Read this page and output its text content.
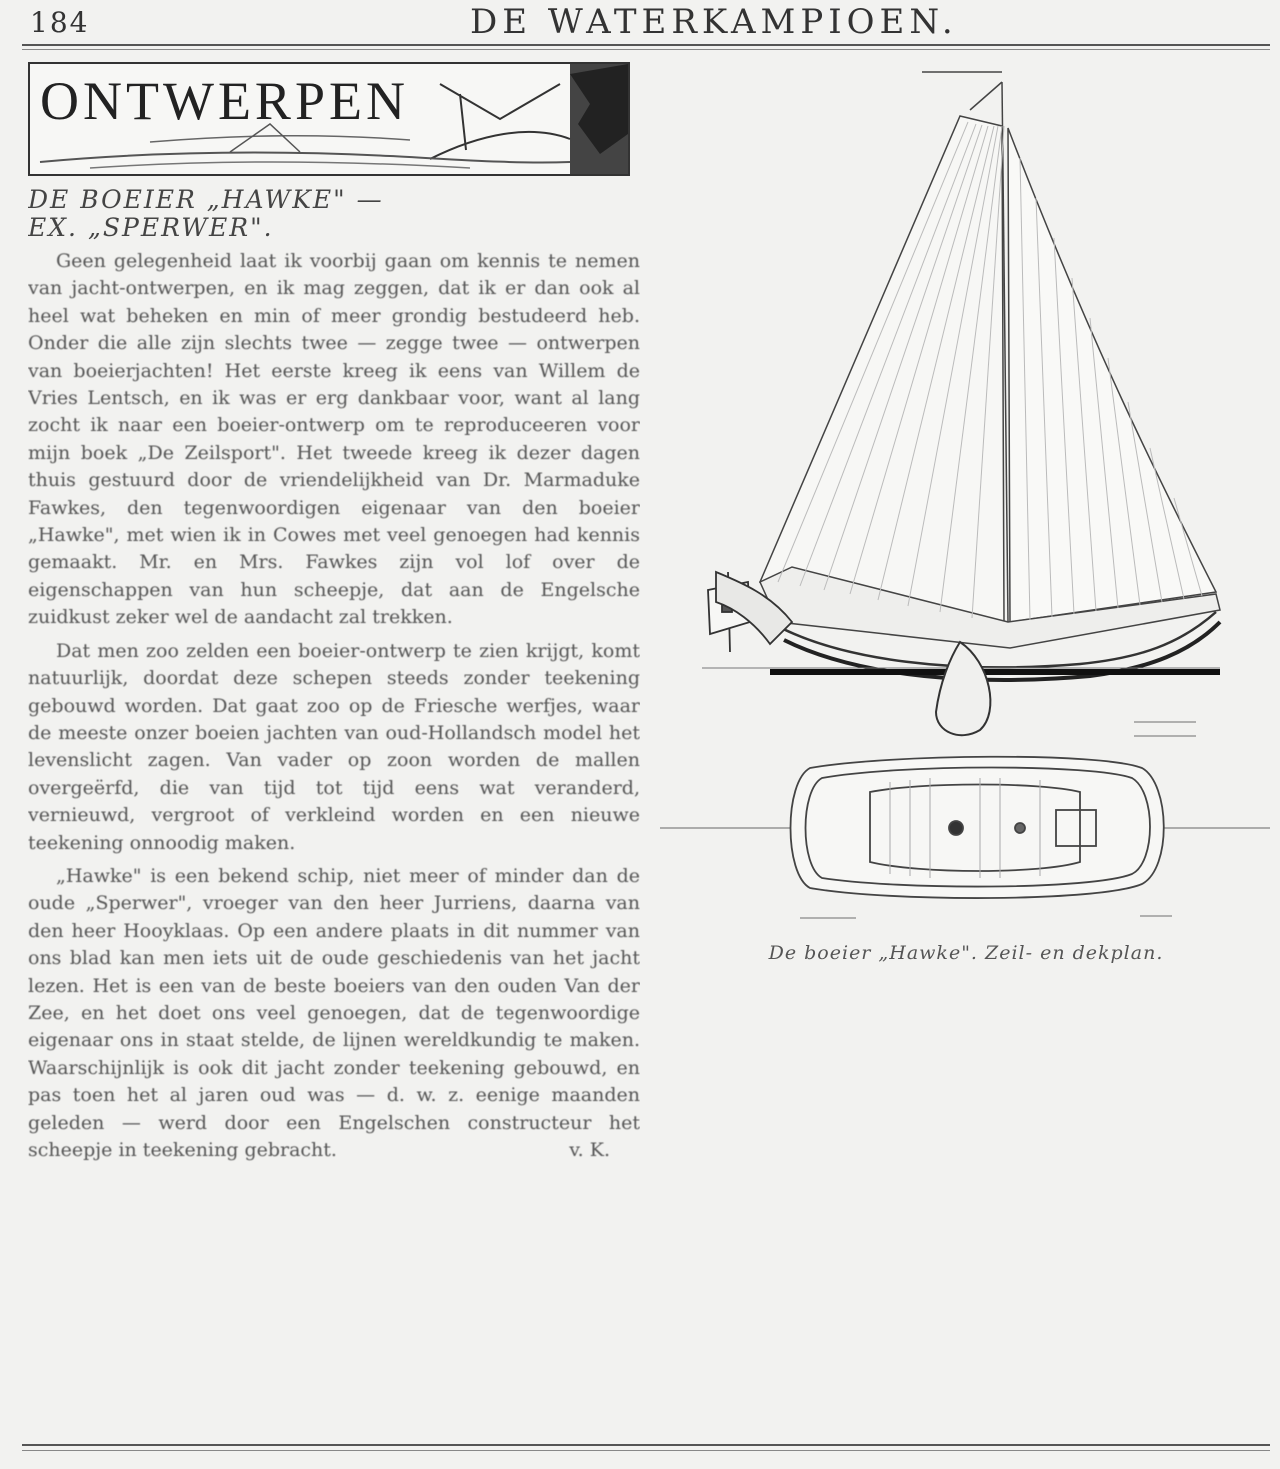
184	DE WATERKAMPIOEN.
ONTWERPEN
DE BOEIER „HAWKE" —
EX. „SPERWER".

Geen gelegenheid laat ik voorbij gaan om kennis te nemen van jacht-ontwerpen, en ik mag zeggen, dat ik er dan ook al heel wat beheken en min of meer grondig bestudeerd heb. Onder die alle zijn slechts twee — zegge twee — ontwerpen van boeierjachten! Het eerste kreeg ik eens van Willem de Vries Lentsch, en ik was er erg dankbaar voor, want al lang zocht ik naar een boeier-ontwerp om te reproduceeren voor mijn boek „De Zeilsport". Het tweede kreeg ik dezer dagen thuis gestuurd door de vriendelijkheid van Dr. Marmaduke Fawkes, den tegenwoordigen eigenaar van den boeier „Hawke", met wien ik in Cowes met veel genoegen had kennis gemaakt. Mr. en Mrs. Fawkes zijn vol lof over de eigenschappen van hun scheepje, dat aan de Engelsche zuidkust zeker wel de aandacht zal trekken.

Dat men zoo zelden een boeier-ontwerp te zien krijgt, komt natuurlijk, doordat deze schepen steeds zonder teekening gebouwd worden. Dat gaat zoo op de Friesche werfjes, waar de meeste onzer boeien jachten van oud-Hollandsch model het levenslicht zagen. Van vader op zoon worden de mallen overgeërfd, die van tijd tot tijd eens wat veranderd, vernieuwd, vergroot of verkleind worden en een nieuwe teekening onnoodig maken.

„Hawke" is een bekend schip, niet meer of minder dan de oude „Sperwer", vroeger van den heer Jurriens, daarna van den heer Hooyklaas. Op een andere plaats in dit nummer van ons blad kan men iets uit de oude geschiedenis van het jacht lezen. Het is een van de beste boeiers van den ouden Van der Zee, en het doet ons veel genoegen, dat de tegenwoordige eigenaar ons in staat stelde, de lijnen wereldkundig te maken. Waarschijnlijk is ook dit jacht zonder teekening gebouwd, en pas toen het al jaren oud was — d. w. z. eenige maanden geleden — werd door een Engelschen constructeur het scheepje in teekening gebracht.	v. K.

De boeier „Hawke". Zeil- en dekplan.
